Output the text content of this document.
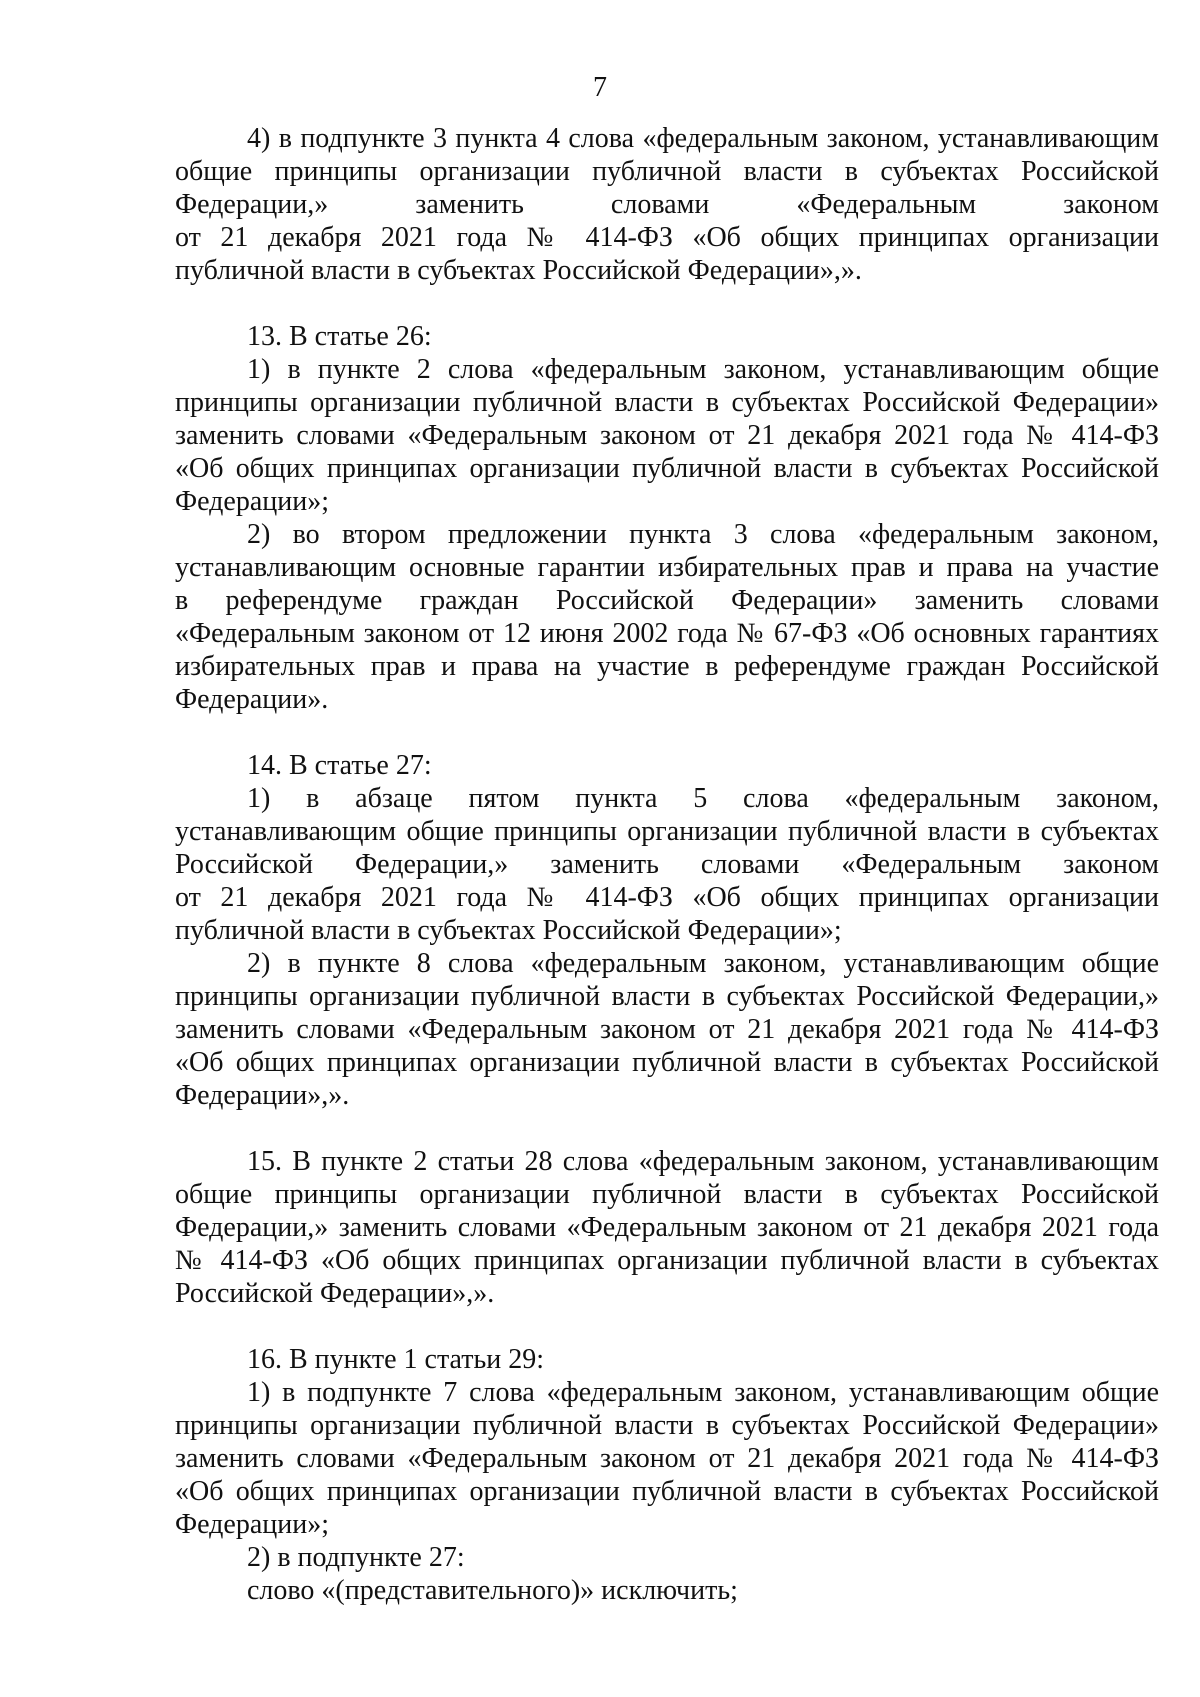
7
4) в подпункте 3 пункта 4 слова «федеральным законом, устанавливающим
общие принципы организации публичной власти в субъектах Российской
Федерации,» заменить словами «Федеральным законом
от 21 декабря 2021 года № 414-ФЗ «Об общих принципах организации
публичной власти в субъектах Российской Федерации»,».
13. В статье 26:
1) в пункте 2 слова «федеральным законом, устанавливающим общие
принципы организации публичной власти в субъектах Российской Федерации»
заменить словами «Федеральным законом от 21 декабря 2021 года № 414-ФЗ
«Об общих принципах организации публичной власти в субъектах Российской
Федерации»;
2) во втором предложении пункта 3 слова «федеральным законом,
устанавливающим основные гарантии избирательных прав и права на участие
в референдуме граждан Российской Федерации» заменить словами
«Федеральным законом от 12 июня 2002 года № 67-ФЗ «Об основных гарантиях
избирательных прав и права на участие в референдуме граждан Российской
Федерации».
14. В статье 27:
1) в абзаце пятом пункта 5 слова «федеральным законом,
устанавливающим общие принципы организации публичной власти в субъектах
Российской Федерации,» заменить словами «Федеральным законом
от 21 декабря 2021 года № 414-ФЗ «Об общих принципах организации
публичной власти в субъектах Российской Федерации»;
2) в пункте 8 слова «федеральным законом, устанавливающим общие
принципы организации публичной власти в субъектах Российской Федерации,»
заменить словами «Федеральным законом от 21 декабря 2021 года № 414-ФЗ
«Об общих принципах организации публичной власти в субъектах Российской
Федерации»,».
15. В пункте 2 статьи 28 слова «федеральным законом, устанавливающим
общие принципы организации публичной власти в субъектах Российской
Федерации,» заменить словами «Федеральным законом от 21 декабря 2021 года
№ 414-ФЗ «Об общих принципах организации публичной власти в субъектах
Российской Федерации»,».
16. В пункте 1 статьи 29:
1) в подпункте 7 слова «федеральным законом, устанавливающим общие
принципы организации публичной власти в субъектах Российской Федерации»
заменить словами «Федеральным законом от 21 декабря 2021 года № 414-ФЗ
«Об общих принципах организации публичной власти в субъектах Российской
Федерации»;
2) в подпункте 27:
слово «(представительного)» исключить;
